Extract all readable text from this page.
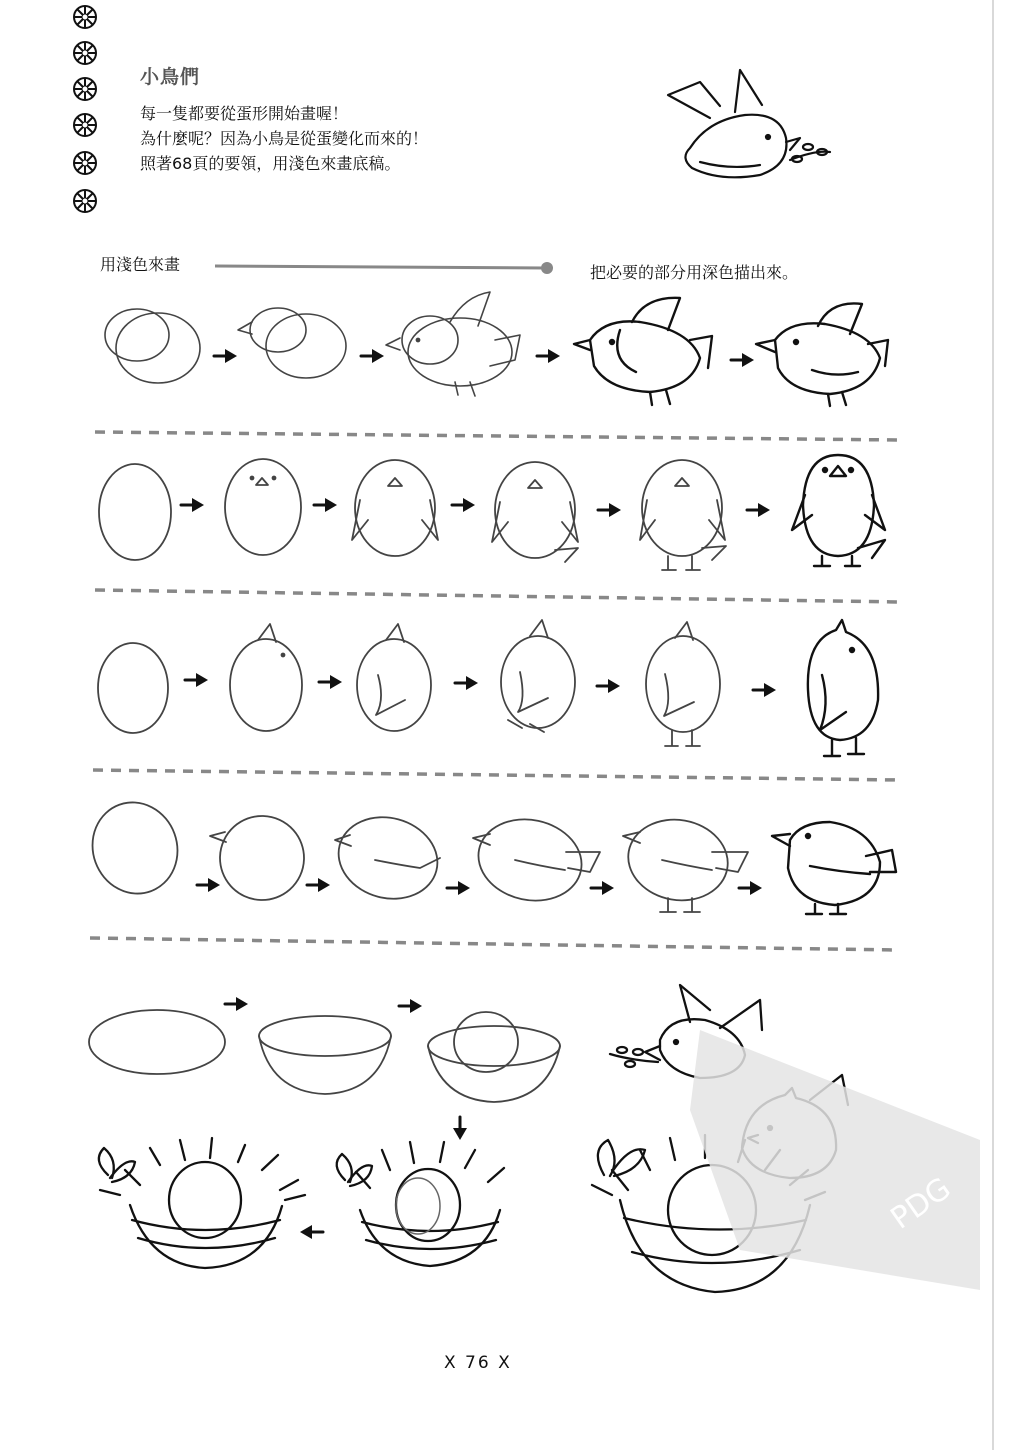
小鳥們
每一隻都要從蛋形開始畫喔！
為什麼呢？因為小鳥是從蛋變化而來的！
照著68頁的要領，用淺色來畫底稿。
用淺色來畫	把必要的部分用深色描出來。
PDG
X 76 X
